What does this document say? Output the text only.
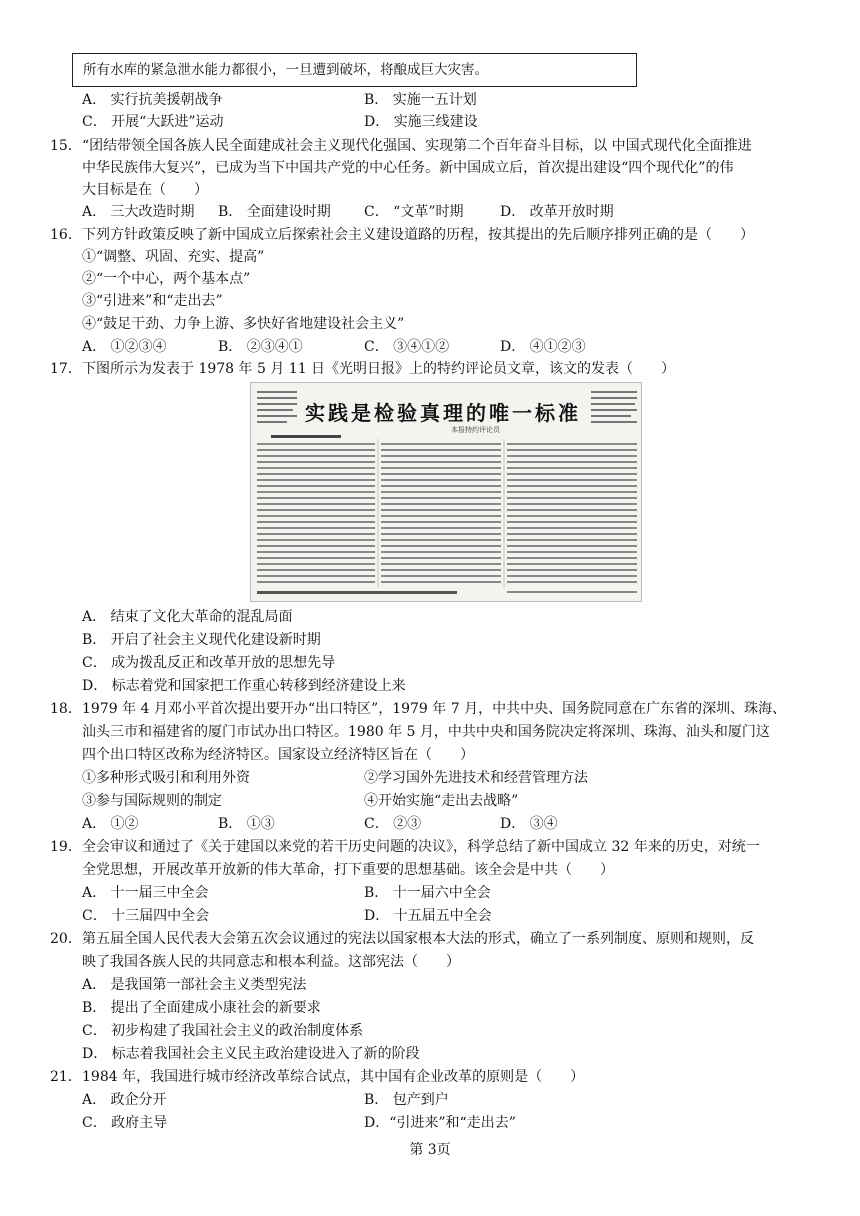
所有水库的紧急泄水能力都很小，一旦遭到破坏，将酿成巨大灾害。
A． 实行抗美援朝战争	B． 实施一五计划
C． 开展“大跃进”运动	D． 实施三线建设
15． “团结带领全国各族人民全面建成社会主义现代化强国、实现第二个百年奋斗目标，以 中国式现代化全面推进
中华民族伟大复兴”，已成为当下中国共产党的中心任务。新中国成立后，首次提出建设“四个现代化”的伟
大目标是在（　　）
A． 三大改造时期 B． 全面建设时期 C． “文革”时期	D． 改革开放时期
16． 下列方针政策反映了新中国成立后探索社会主义建设道路的历程，按其提出的先后顺序排列正确的是（　　）
①“调整、巩固、充实、提高”
②“一个中心，两个基本点”
③“引进来”和“走出去”
④“鼓足干劲、力争上游、多快好省地建设社会主义”
A． ①②③④	B． ②③④①	C． ③④①②	D． ④①②③
17． 下图所示为发表于 1978 年 5 月 11 日《光明日报》上的特约评论员文章，该文的发表（　　）
实践是检验真理的唯一标准
本报特约评论员
A． 结束了文化大革命的混乱局面
B． 开启了社会主义现代化建设新时期
C． 成为拨乱反正和改革开放的思想先导
D． 标志着党和国家把工作重心转移到经济建设上来
18． 1979 年 4 月邓小平首次提出要开办“出口特区”，1979 年 7 月，中共中央、国务院同意在广东省的深圳、珠海、
汕头三市和福建省的厦门市试办出口特区。1980 年 5 月，中共中央和国务院决定将深圳、珠海、汕头和厦门这
四个出口特区改称为经济特区。国家设立经济特区旨在（　　）
①多种形式吸引和利用外资	②学习国外先进技术和经营管理方法
③参与国际规则的制定	④开始实施“走出去战略”
A． ①②	B． ①③	C． ②③	D． ③④
19． 全会审议和通过了《关于建国以来党的若干历史问题的决议》，科学总结了新中国成立 32 年来的历史，对统一
全党思想，开展改革开放新的伟大革命，打下重要的思想基础。该全会是中共（　　）
A． 十一届三中全会	B． 十一届六中全会
C． 十三届四中全会	D． 十五届五中全会
20． 第五届全国人民代表大会第五次会议通过的宪法以国家根本大法的形式，确立了一系列制度、原则和规则，反
映了我国各族人民的共同意志和根本利益。这部宪法（　　）
A． 是我国第一部社会主义类型宪法
B． 提出了全面建成小康社会的新要求
C． 初步构建了我国社会主义的政治制度体系
D． 标志着我国社会主义民主政治建设进入了新的阶段
21． 1984 年，我国进行城市经济改革综合试点，其中国有企业改革的原则是（　　）
A． 政企分开	B． 包产到户
C． 政府主导	D．“引进来”和“走出去”
第 3页
